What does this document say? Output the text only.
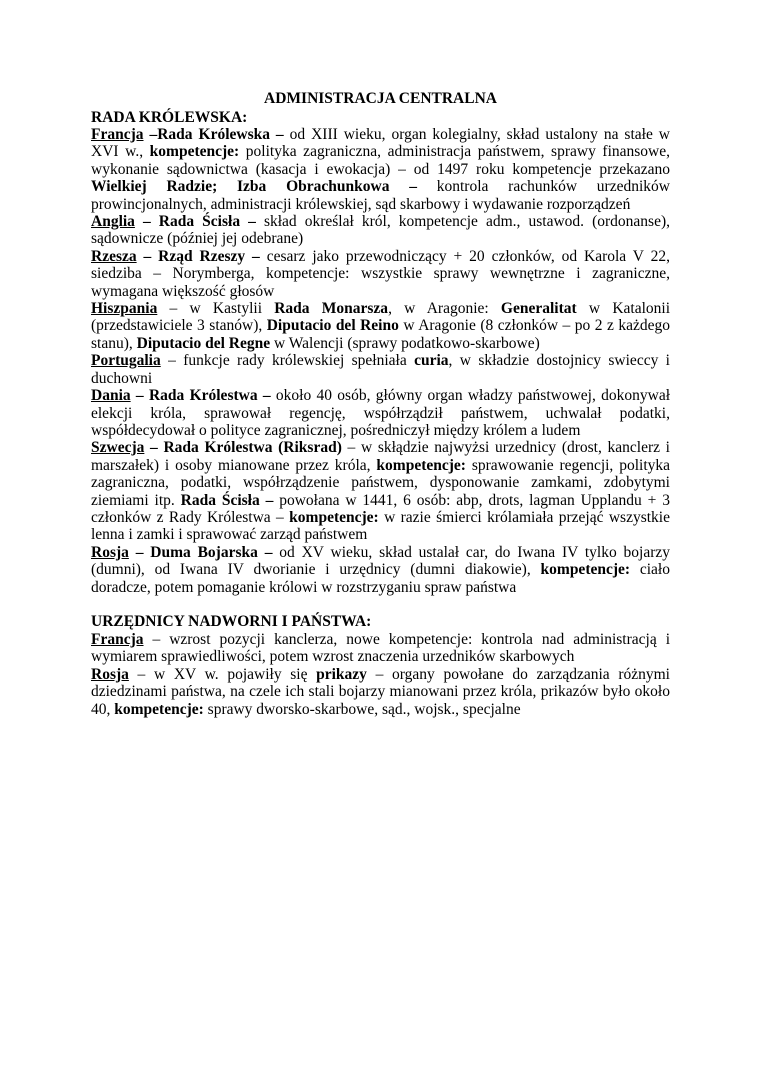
ADMINISTRACJA CENTRALNA
RADA KRÓLEWSKA:

Francja –Rada Królewska – od XIII wieku, organ kolegialny, skład ustalony na stałe w XVI w., kompetencje: polityka zagraniczna, administracja państwem, sprawy finansowe, wykonanie sądownictwa (kasacja i ewokacja) – od 1497 roku kompetencje przekazano Wielkiej Radzie; Izba Obrachunkowa – kontrola rachunków urzedników prowincjonalnych, administracji królewskiej, sąd skarbowy i wydawanie rozporządzeń

Anglia – Rada Ścisła – skład określał król, kompetencje adm., ustawod. (ordonanse), sądownicze (później jej odebrane)

Rzesza – Rząd Rzeszy – cesarz jako przewodniczący + 20 członków, od Karola V 22, siedziba – Norymberga, kompetencje: wszystkie sprawy wewnętrzne i zagraniczne, wymagana większość głosów

Hiszpania – w Kastylii Rada Monarsza, w Aragonie: Generalitat w Katalonii (przedstawiciele 3 stanów), Diputacio del Reino w Aragonie (8 członków – po 2 z każdego stanu), Diputacio del Regne w Walencji (sprawy podatkowo-skarbowe)

Portugalia – funkcje rady królewskiej spełniała curia, w składzie dostojnicy swieccy i duchowni

Dania – Rada Królestwa – około 40 osób, główny organ władzy państwowej, dokonywał elekcji króla, sprawował regencję, współrządził państwem, uchwalał podatki, współdecydował o polityce zagranicznej, pośredniczył między królem a ludem

Szwecja – Rada Królestwa (Riksrad) – w skłądzie najwyżsi urzednicy (drost, kanclerz i marszałek) i osoby mianowane przez króla, kompetencje: sprawowanie regencji, polityka zagraniczna, podatki, współrządzenie państwem, dysponowanie zamkami, zdobytymi ziemiami itp. Rada Ścisła – powołana w 1441, 6 osób: abp, drots, lagman Upplandu + 3 członków z Rady Królestwa – kompetencje: w razie śmierci królamiała przejąć wszystkie lenna i zamki i sprawować zarząd państwem

Rosja – Duma Bojarska – od XV wieku, skład ustalał car, do Iwana IV tylko bojarzy (dumni), od Iwana IV dworianie i urzędnicy (dumni diakowie), kompetencje: ciało doradcze, potem pomaganie królowi w rozstrzyganiu spraw państwa

URZĘDNICY NADWORNI I PAŃSTWA:

Francja – wzrost pozycji kanclerza, nowe kompetencje: kontrola nad administracją i wymiarem sprawiedliwości, potem wzrost znaczenia urzedników skarbowych

Rosja – w XV w. pojawiły się prikazy – organy powołane do zarządzania różnymi dziedzinami państwa, na czele ich stali bojarzy mianowani przez króla, prikazów było około 40, kompetencje: sprawy dworsko-skarbowe, sąd., wojsk., specjalne
